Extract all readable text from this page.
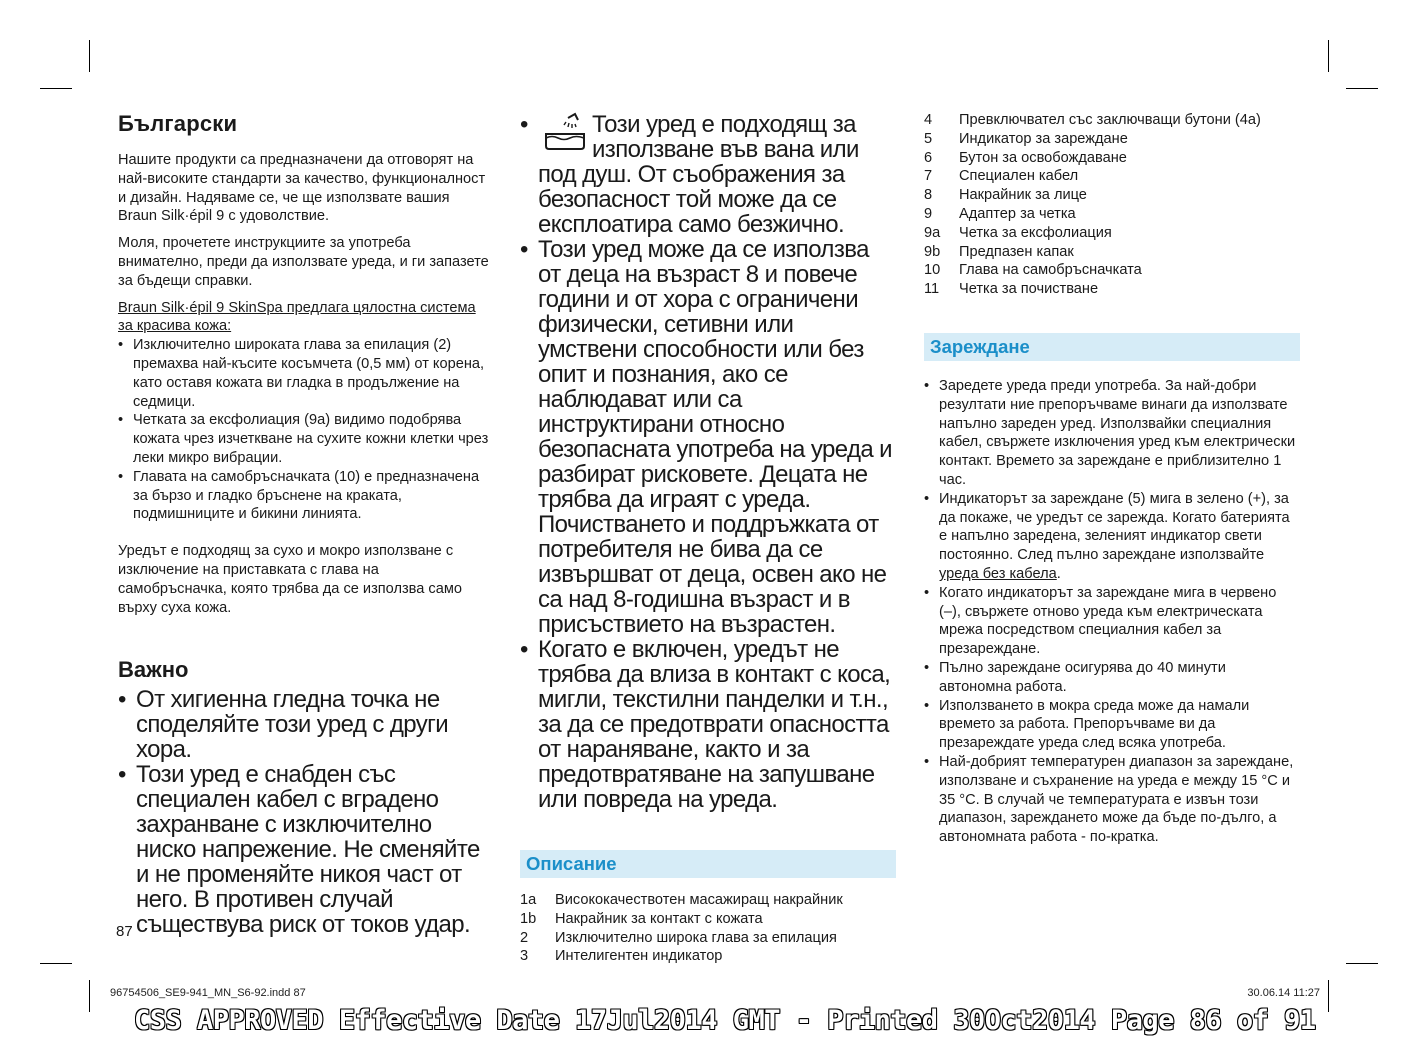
Български

Нашите продукти са предназначени да отговорят на най-високите стандарти за качество, функционалност и дизайн. Надяваме се, че ще използвате вашия Braun Silk·épil 9 с удоволствие.

Моля, прочетете инструкциите за употреба внимателно, преди да използвате уреда, и ги запазете за бъдещи справки.

Braun Silk·épil 9 SkinSpa предлага цялостна система за красива кожа:
• Изключително широката глава за епилация (2) премахва най-късите косъмчета (0,5 мм) от корена, като оставя кожата ви гладка в продължение на седмици.
• Четката за ексфолиация (9a) видимо подобрява кожата чрез изчеткване на сухите кожни клетки чрез леки микро вибрации.
• Главата на самобръсначката (10) е предназначена за бързо и гладко бръснене на краката, подмишниците и бикини линията.

Уредът е подходящ за сухо и мокро използване с изключение на приставката с глава на самобръсначка, която трябва да се използва само върху суха кожа.

Важно
• От хигиенна гледна точка не споделяйте този уред с други хора.
• Този уред е снабден със специален кабел с вградено захранване с изключително ниско напрежение. Не сменяйте и не променяйте никоя част от него. В противен случай съществува риск от токов удар.
• Този уред е подходящ за използване във вана или под душ. От съображения за безопасност той може да се експлоатира само безжично.
• Този уред може да се използва от деца на възраст 8 и повече години и от хора с ограничени физически, сетивни или умствени способности или без опит и познания, ако се наблюдават или са инструктирани относно безопасната употреба на уреда и разбират рисковете. Децата не трябва да играят с уреда. Почистването и поддръжката от потребителя не бива да се извършват от деца, освен ако не са над 8-годишна възраст и в присъствието на възрастен.
• Когато е включен, уредът не трябва да влиза в контакт с коса, мигли, текстилни панделки и т.н., за да се предотврати опасността от нараняване, както и за предотвратяване на запушване или повреда на уреда.
Описание
1a	Висококачествотен масажиращ накрайник
1b	Накрайник за контакт с кожата
2	Изключително широка глава за епилация
3	Интелигентен индикатор
4	Превключвател със заключващи бутони (4a)
5	Индикатор за зареждане
6	Бутон за освобождаване
7	Специален кабел
8	Накрайник за лице
9	Адаптер за четка
9a	Четка за ексфолиация
9b	Предпазен капак
10	Глава на самобръсначката
11	Четка за почистване
Зареждане
• Заредете уреда преди употреба. За най-добри резултати ние препоръчваме винаги да използвате напълно зареден уред. Използвайки специалния кабел, свържете изключения уред към електрически контакт. Времето за зареждане е приблизително 1 час.
• Индикаторът за зареждане (5) мига в зелено (+), за да покаже, че уредът се зарежда. Когато батерията е напълно заредена, зеленият индикатор свети постоянно. След пълно зареждане използвайте уреда без кабела.
• Когато индикаторът за зареждане мига в червено (–), свържете отново уреда към електрическата мрежа посредством специалния кабел за презареждане.
• Пълно зареждане осигурява до 40 минути автономна работа.
• Използването в мокра среда може да намали времето за работа. Препоръчваме ви да презареждате уреда след всяка употреба.
• Най-добрият температурен диапазон за зареждане, използване и съхранение на уреда е между 15 °C и 35 °C. В случай че температурата е извън този диапазон, зареждането може да бъде по-дълго, а автономната работа - по-кратка.
87
96754506_SE9-941_MN_S6-92.indd 87	30.06.14 11:27
CSS APPROVED Effective Date 17Jul2014 GMT - Printed 30Oct2014 Page 86 of 91
